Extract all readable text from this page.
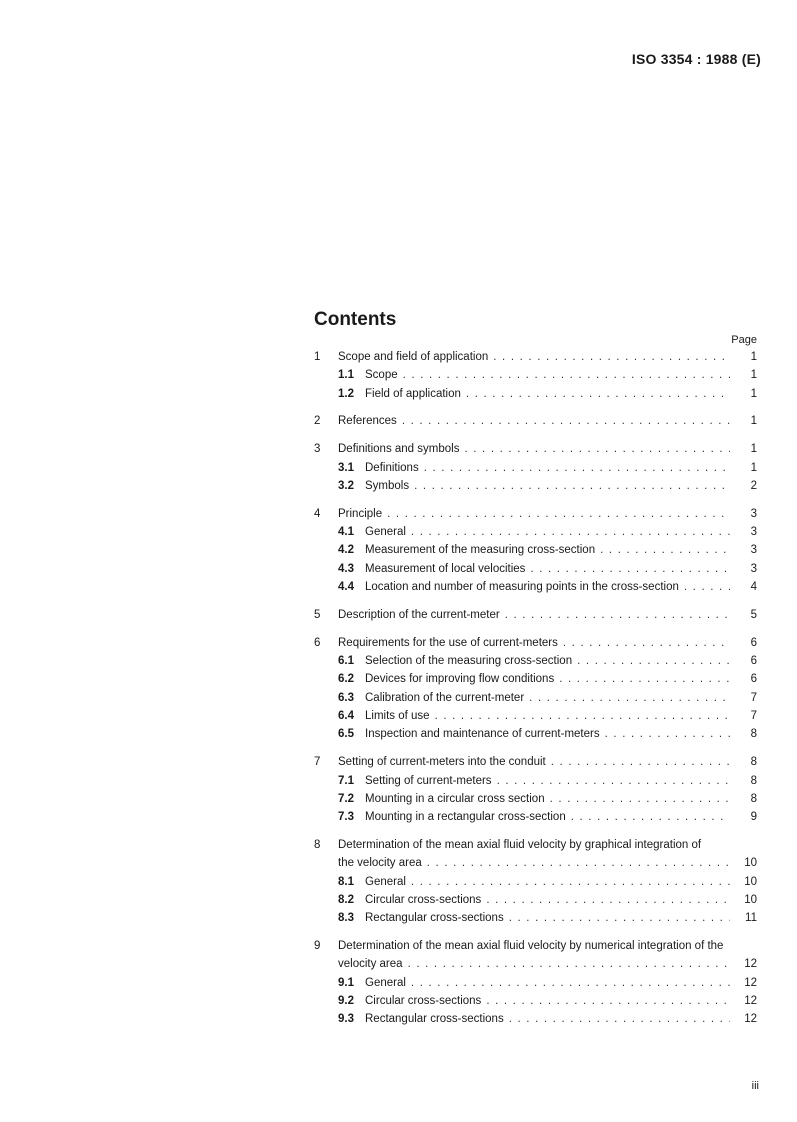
ISO 3354 : 1988 (E)
Contents
Page
1	Scope and field of application . . .	1
1.1 Scope . . .	1
1.2 Field of application . . .	1
2	References . . .	1
3	Definitions and symbols . . .	1
3.1 Definitions . . .	1
3.2 Symbols . . .	2
4	Principle . . .	3
4.1 General . . .	3
4.2 Measurement of the measuring cross-section . . .	3
4.3 Measurement of local velocities . . .	3
4.4 Location and number of measuring points in the cross-section . . .	4
5	Description of the current-meter . . .	5
6	Requirements for the use of current-meters . . .	6
6.1 Selection of the measuring cross-section . . .	6
6.2 Devices for improving flow conditions . . .	6
6.3 Calibration of the current-meter . . .	7
6.4 Limits of use . . .	7
6.5 Inspection and maintenance of current-meters . . .	8
7	Setting of current-meters into the conduit . . .	8
7.1 Setting of current-meters . . .	8
7.2 Mounting in a circular cross section . . .	8
7.3 Mounting in a rectangular cross-section . . .	9
8	Determination of the mean axial fluid velocity by graphical integration of
the velocity area . . .	10
8.1 General . . .	10
8.2 Circular cross-sections . . .	10
8.3 Rectangular cross-sections . . .	11
9	Determination of the mean axial fluid velocity by numerical integration of the
velocity area . . .	12
9.1 General . . .	12
9.2 Circular cross-sections . . .	12
9.3 Rectangular cross-sections . . .	12
iii
